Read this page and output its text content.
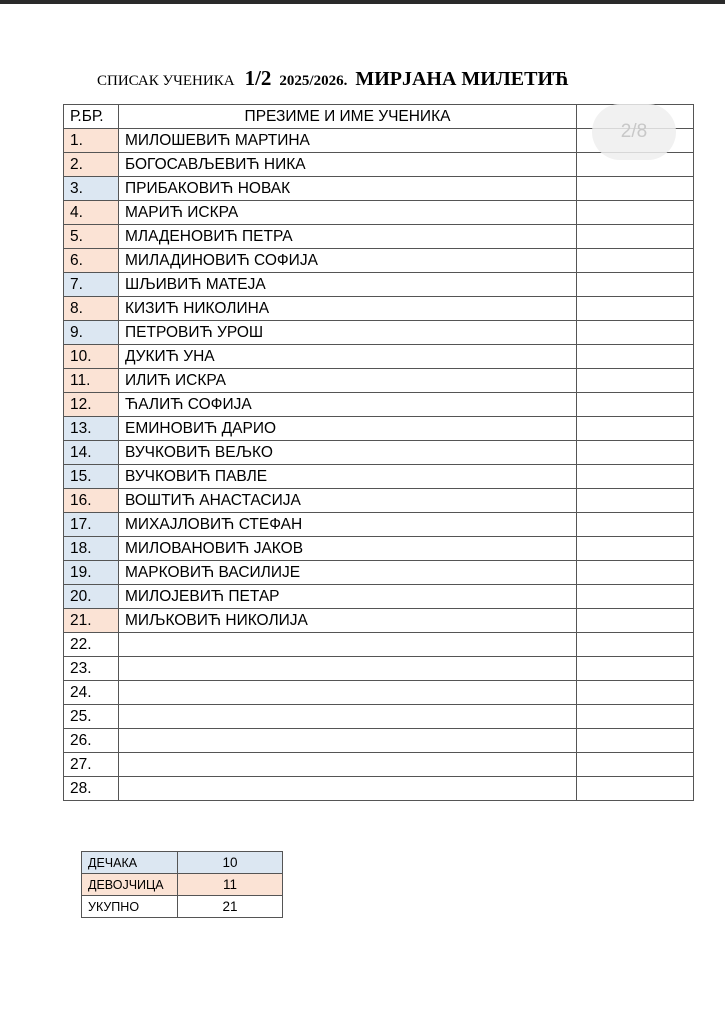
СПИСАК УЧЕНИКА 1/2 2025/2026. МИРЈАНА МИЛЕТИЋ
Р.БР.	ПРЕЗИМЕ И ИМЕ УЧЕНИКА	
1.	МИЛОШЕВИЋ МАРТИНА	
2.	БОГОСАВЉЕВИЋ НИКА	
3.	ПРИБАКОВИЋ НОВАК	
4.	МАРИЋ ИСКРА	
5.	МЛАДЕНОВИЋ ПЕТРА	
6.	МИЛАДИНОВИЋ СОФИЈА	
7.	ШЉИВИЋ МАТЕЈА	
8.	КИЗИЋ НИКОЛИНА	
9.	ПЕТРОВИЋ УРОШ	
10.	ДУКИЋ УНА	
11.	ИЛИЋ ИСКРА	
12.	ЋАЛИЋ СОФИЈА	
13.	ЕМИНОВИЋ ДАРИО	
14.	ВУЧКОВИЋ ВЕЉКО	
15.	ВУЧКОВИЋ ПАВЛЕ	
16.	ВОШТИЋ АНАСТАСИЈА	
17.	МИХАЈЛОВИЋ СТЕФАН	
18.	МИЛОВАНОВИЋ ЈАКОВ	
19.	МАРКОВИЋ ВАСИЛИЈЕ	
20.	МИЛОЈЕВИЋ ПЕТАР	
21.	МИЉКОВИЋ НИКОЛИЈА	
22.		
23.		
24.		
25.		
26.		
27.		
28.		
2/8
ДЕЧАКА	10
ДЕВОЈЧИЦА	11
УКУПНО	21
